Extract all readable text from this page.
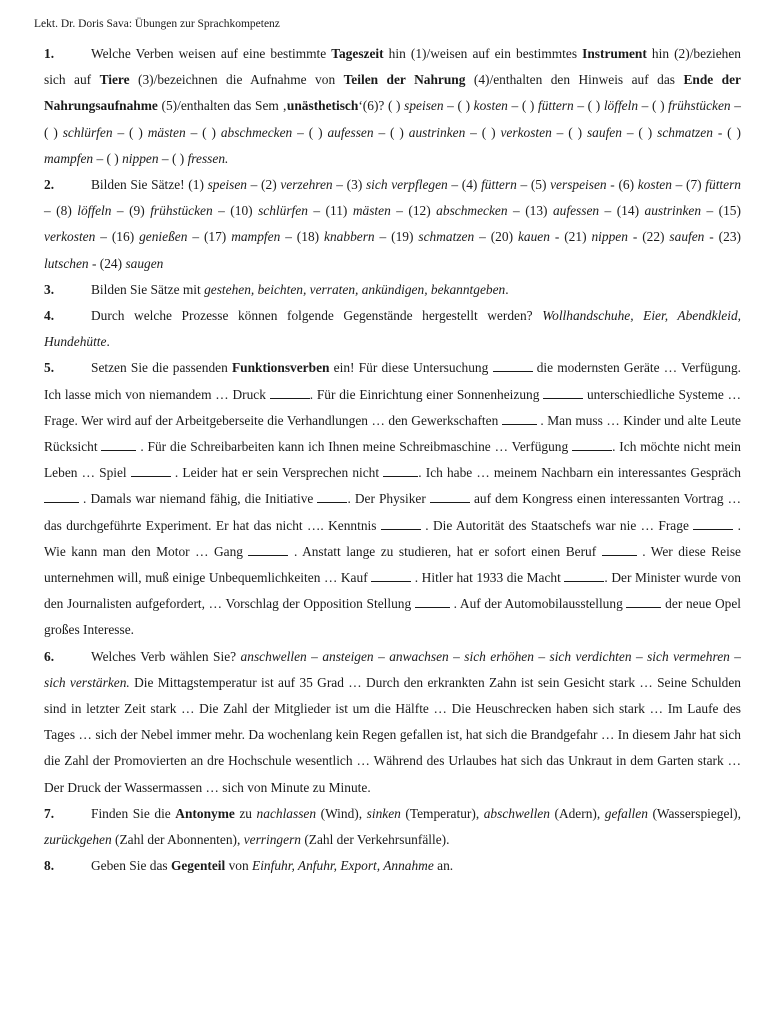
Lekt. Dr. Doris Sava: Übungen zur Sprachkompetenz

1.	Welche Verben weisen auf eine bestimmte Tageszeit hin (1)/weisen auf ein bestimmtes Instrument hin (2)/beziehen sich auf Tiere (3)/bezeichnen die Aufnahme von Teilen der Nahrung (4)/enthalten den Hinweis auf das Ende der Nahrungsaufnahme (5)/enthalten das Sem ‚unästhetisch‘(6)? ( ) speisen – ( ) kosten – ( ) füttern – ( ) löffeln – ( ) frühstücken – ( ) schlürfen – ( ) mästen – ( ) abschmecken – ( ) aufessen – ( ) austrinken – ( ) verkosten – ( ) saufen – ( ) schmatzen - ( ) mampfen – ( ) nippen – ( ) fressen.

2.	Bilden Sie Sätze! (1) speisen – (2) verzehren – (3) sich verpflegen – (4) füttern – (5) verspeisen - (6) kosten – (7) füttern – (8) löffeln – (9) frühstücken – (10) schlürfen – (11) mästen – (12) abschmecken – (13) aufessen – (14) austrinken – (15) verkosten – (16) genießen – (17) mampfen – (18) knabbern – (19) schmatzen – (20) kauen - (21) nippen - (22) saufen - (23) lutschen - (24) saugen

3.	Bilden Sie Sätze mit gestehen, beichten, verraten, ankündigen, bekanntgeben.

4.	Durch welche Prozesse können folgende Gegenstände hergestellt werden? Wollhandschuhe, Eier, Abendkleid, Hundehütte.

5.	Setzen Sie die passenden Funktionsverben ein! Für diese Untersuchung	die modernsten Geräte … Verfügung. Ich lasse mich von niemandem … Druck	. Für die Einrichtung einer Sonnenheizung	unterschiedliche Systeme … Frage. Wer wird auf der Arbeitgeberseite die Verhandlungen … den Gewerkschaften	. Man muss … Kinder und alte Leute Rücksicht	. Für die Schreibarbeiten kann ich Ihnen meine Schreibmaschine … Verfügung	. Ich möchte nicht mein Leben … Spiel	. Leider hat er sein Versprechen nicht	. Ich habe … meinem Nachbarn ein interessantes Gespräch  . Damals war niemand fähig, die Initiative . Der Physiker	auf dem Kongress einen interessanten Vortrag … das durchgeführte Experiment. Er hat das nicht …. Kenntnis	. Die Autorität des Staatschefs war nie … Frage	. Wie kann man den Motor … Gang	. Anstatt lange zu studieren, hat er sofort einen Beruf	. Wer diese Reise unternehmen will, muß einige Unbequemlichkeiten … Kauf	. Hitler hat 1933 die Macht	. Der Minister wurde von den Journalisten aufgefordert, … Vorschlag der Opposition Stellung	. Auf der Automobilausstellung	der neue Opel großes Interesse.

6.	Welches Verb wählen Sie? anschwellen – ansteigen – anwachsen – sich erhöhen – sich verdichten – sich vermehren – sich verstärken. Die Mittagstemperatur ist auf 35 Grad … Durch den erkrankten Zahn ist sein Gesicht stark … Seine Schulden sind in letzter Zeit stark … Die Zahl der Mitglieder ist um die Hälfte … Die Heuschrecken haben sich stark … Im Laufe des Tages … sich der Nebel immer mehr. Da wochenlang kein Regen gefallen ist, hat sich die Brandgefahr … In diesem Jahr hat sich die Zahl der Promovierten an dre Hochschule wesentlich … Während des Urlaubes hat sich das Unkraut in dem Garten stark … Der Druck der Wassermassen … sich von Minute zu Minute.

7.	Finden Sie die Antonyme zu nachlassen (Wind), sinken (Temperatur), abschwellen (Adern), gefallen (Wasserspiegel), zurückgehen (Zahl der Abonnenten), verringern (Zahl der Verkehrsunfälle).

8.	Geben Sie das Gegenteil von Einfuhr, Anfuhr, Export, Annahme an.
